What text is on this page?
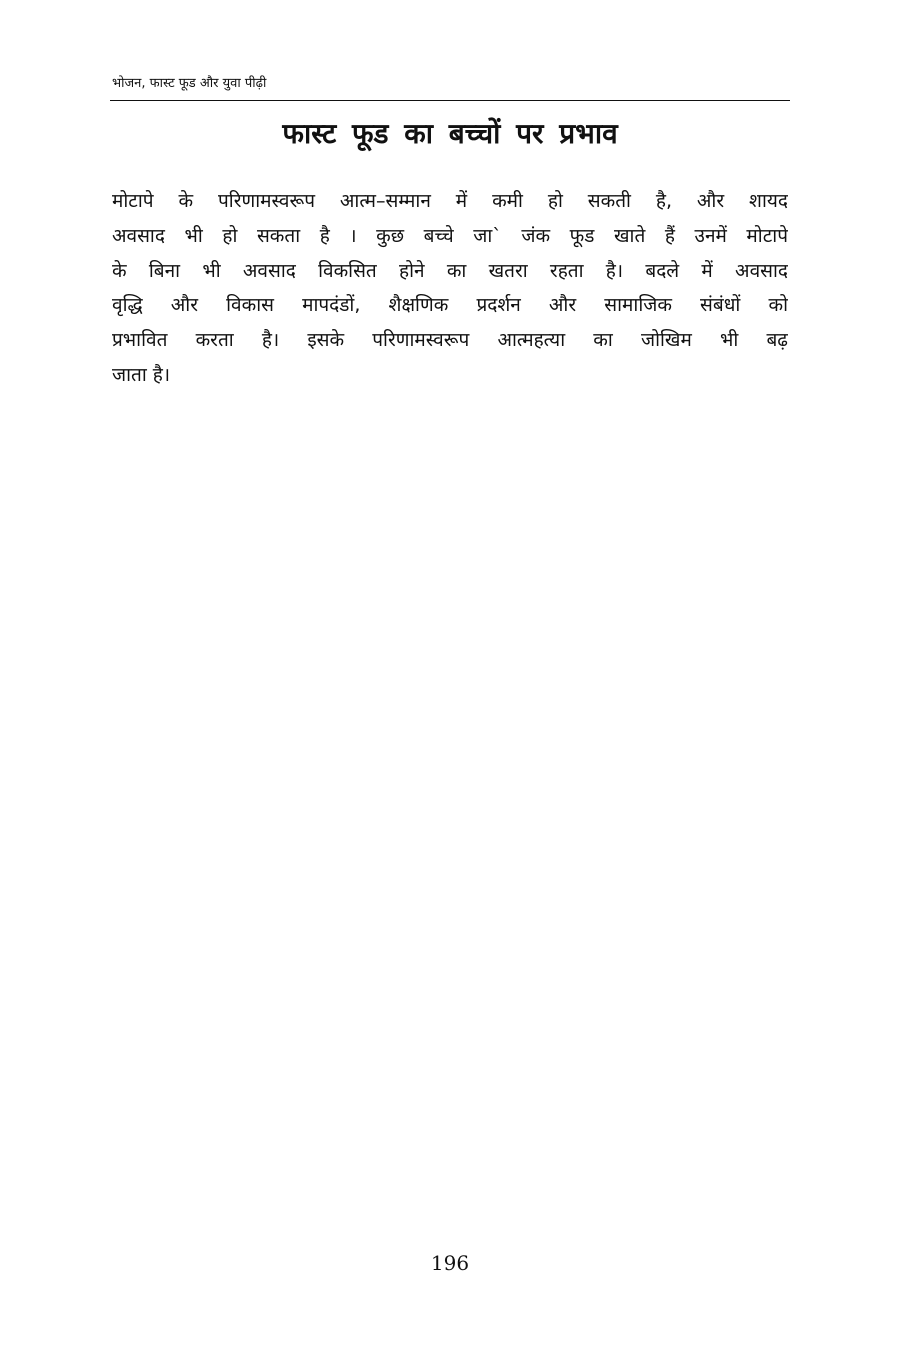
भोजन, फास्ट फूड और युवा पीढ़ी
फास्ट फूड का बच्चों पर प्रभाव
मोटापे के परिणामस्वरूप आत्म–सम्मान में कमी हो सकती है, और शायद
अवसाद भी हो सकता है । कुछ बच्चे जा` जंक फूड खाते हैं उनमें मोटापे
के बिना भी अवसाद विकसित होने का खतरा रहता है। बदले में अवसाद
वृद्धि और विकास मापदंडों, शैक्षणिक प्रदर्शन और सामाजिक संबंधों को
प्रभावित करता है। इसके परिणामस्वरूप आत्महत्या का जोखिम भी बढ़
जाता है।
196
